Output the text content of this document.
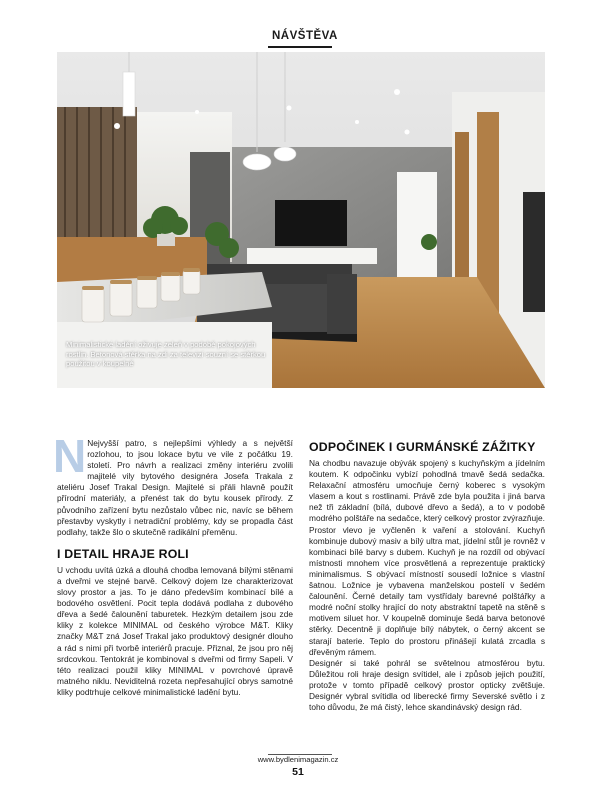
NÁVŠTĚVA
Minimalistické ladění oživuje zeleň v podobě pokojových rostlin. Betonová stěrka na zdi za televizí souzní se stěrkou použitou v koupelně

N Nejvyšší patro, s nejlepšími výhledy a s největší rozlohou, to jsou lokace bytu ve vile z počátku 19. století. Pro návrh a realizaci změny interiéru zvolili majitelé vily bytového designéra Josefa Trakala z ateliéru Josef Trakal Design. Majitelé si přáli hlavně použít přírodní materiály, a přenést tak do bytu kousek přírody. Z původního zařízení bytu nezůstalo vůbec nic, navíc se během přestavby vyskytly i netradiční problémy, kdy se propadla část podlahy, takže šlo o skutečně radikální přeměnu.

I DETAIL HRAJE ROLI

U vchodu uvítá úzká a dlouhá chodba lemovaná bílými stěnami a dveřmi ve stejné barvě. Celkový dojem lze charakterizovat slovy prostor a jas. To je dáno především kombinací bílé a bodového osvětlení. Pocit tepla dodává podlaha z dubového dřeva a šedé čalounění taburetek. Hezkým detailem jsou zde kliky z kolekce MINIMAL od českého výrobce M&T. Kliky značky M&T zná Josef Trakal jako produktový designér dlouho a rád s nimi při tvorbě interiérů pracuje. Přiznal, že jsou pro něj srdcovkou. Tentokrát je kombinoval s dveřmi od firmy Sapeli. V této realizaci použil kliky MINIMAL v povrchové úpravě matného niklu. Neviditelná rozeta nepřesahující obrys samotné kliky podtrhuje celkové minimalistické ladění bytu.

ODPOČINEK I GURMÁNSKÉ ZÁŽITKY

Na chodbu navazuje obývák spojený s kuchyňským a jídelním koutem. K odpočinku vybízí pohodlná tmavě šedá sedačka. Relaxační atmosféru umocňuje černý koberec s vysokým vlasem a kout s rostlinami. Právě zde byla použita i jiná barva než tři základní (bílá, dubové dřevo a šedá), a to v podobě modrého polštáře na sedačce, který celkový prostor zvýrazňuje. Prostor vlevo je vyčleněn k vaření a stolování. Kuchyň kombinuje dubový masiv a bílý ultra mat, jídelní stůl je rovněž v kombinaci bílé barvy s dubem. Kuchyň je na rozdíl od obývací místnosti mnohem více prosvětlená a reprezentuje praktický minimalismus. S obývací místností sousedí ložnice s vlastní šatnou. Ložnice je vybavena manželskou postelí v šedém čalounění. Černé detaily tam vystřídaly barevné polštářky a modré noční stolky hrající do noty abstraktní tapetě na stěně s motivem siluet hor. V koupelně dominuje šedá barva betonové stěrky. Decentně ji doplňuje bílý nábytek, o černý akcent se starají baterie. Teplo do prostoru přinášejí kulatá zrcadla s dřevěným rámem.

Designér si také pohrál se světelnou atmosférou bytu. Důležitou roli hraje design svítidel, ale i způsob jejich použití, protože v tomto případě celkový prostor opticky zvětšuje. Designér vybral svítidla od liberecké firmy Severské světlo i z toho důvodu, že má čistý, lehce skandinávský design rád.

www.bydlenimagazin.cz
51
